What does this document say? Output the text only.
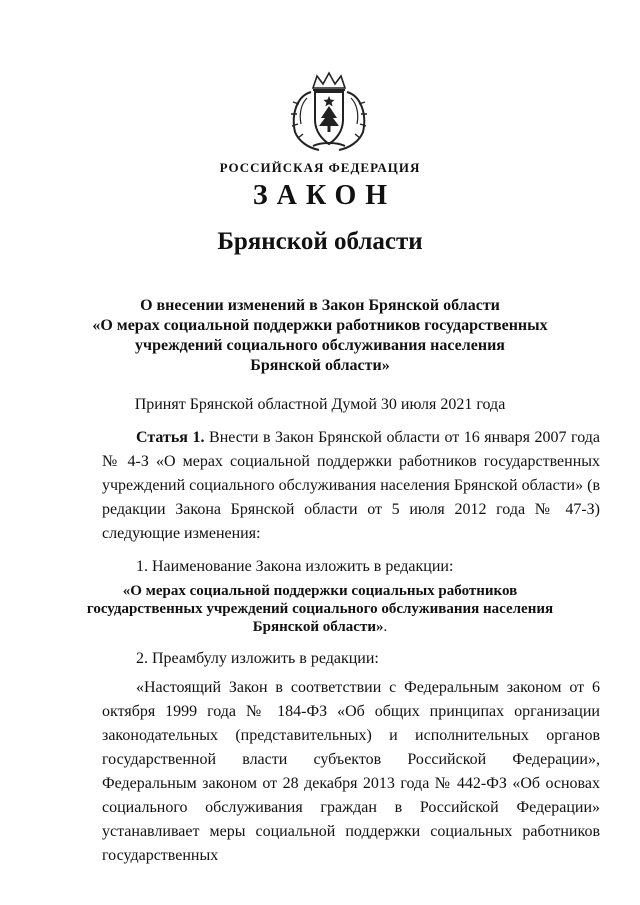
РОССИЙСКАЯ ФЕДЕРАЦИЯ
ЗАКОН
Брянской области
О внесении изменений в Закон Брянской области
«О мерах социальной поддержки работников государственных
учреждений социального обслуживания населения
Брянской области»
Принят Брянской областной Думой 30 июля 2021 года
Статья 1. Внести в Закон Брянской области от 16 января 2007 года № 4-З «О мерах социальной поддержки работников государственных учреждений социального обслуживания населения Брянской области» (в редакции Закона Брянской области от 5 июля 2012 года № 47-З) следующие изменения:
1. Наименование Закона изложить в редакции:
«О мерах социальной поддержки социальных работников
государственных учреждений социального обслуживания населения
Брянской области».
2. Преамбулу изложить в редакции:
«Настоящий Закон в соответствии с Федеральным законом от 6 октября 1999 года № 184-ФЗ «Об общих принципах организации законодательных (представительных) и исполнительных органов государственной власти субъектов Российской Федерации», Федеральным законом от 28 декабря 2013 года № 442-ФЗ «Об основах социального обслуживания граждан в Российской Федерации» устанавливает меры социальной поддержки социальных работников государственных
